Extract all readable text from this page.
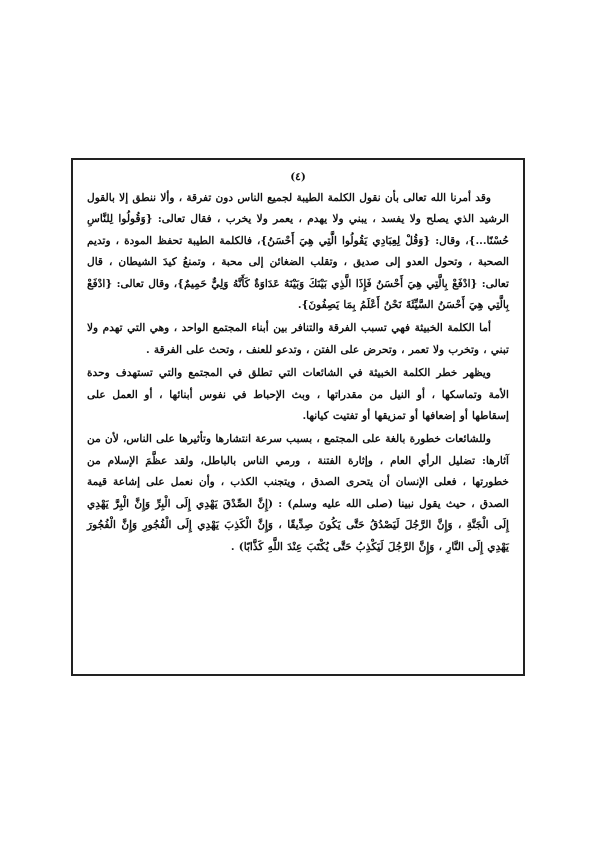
(٤)

وقد أمرنا الله تعالى بأن نقول الكلمة الطيبة لجميع الناس دون تفرقة ، وألا ننطق إلا بالقول الرشيد الذي يصلح ولا يفسد ، يبني ولا يهدم ، يعمر ولا يخرب ، فقال تعالى: {وَقُولُوا لِلنَّاسِ حُسْنًا...}، وقال: {وَقُلْ لِعِبَادِي يَقُولُوا الَّتِي هِيَ أَحْسَنُ}، فالكلمة الطيبة تحفظ المودة ، وتديم الصحبة ، وتحول العدو إلى صديق ، وتقلب الضغائن إلى محبة ، وتمنعُ كيدَ الشيطان ، قال تعالى: {ادْفَعْ بِالَّتِي هِيَ أَحْسَنُ فَإِذَا الَّذِي بَيْنَكَ وَبَيْنَهُ عَدَاوَةٌ كَأَنَّهُ وَلِيٌّ حَمِيمٌ}، وقال تعالى: {ادْفَعْ بِالَّتِي هِيَ أَحْسَنُ السَّيِّئَةَ نَحْنُ أَعْلَمُ بِمَا يَصِفُونَ}.

أما الكلمة الخبيثة فهي تسبب الفرقة والتنافر بين أبناء المجتمع الواحد ، وهي التي تهدم ولا تبني ، وتخرب ولا تعمر ، وتحرض على الفتن ، وتدعو للعنف ، وتحث على الفرقة .

ويظهر خطر الكلمة الخبيثة في الشائعات التي تطلق في المجتمع والتي تستهدف وحدة الأمة وتماسكها ، أو النيل من مقدراتها ، وبث الإحباط في نفوس أبنائها ، أو العمل على إسقاطها أو إضعافها أو تمزيقها أو تفتيت كيانها.

وللشائعات خطورة بالغة على المجتمع ، بسبب سرعة انتشارها وتأثيرها على الناس، لأن من آثارها: تضليل الرأي العام ، وإثارة الفتنة ، ورمي الناس بالباطل، ولقد عظَّمَ الإسلام من خطورتها ، فعلى الإنسان أن يتحرى الصدق ، ويتجنب الكذب ، وأن نعمل على إشاعة قيمة الصدق ، حيث يقول نبينا (صلى الله عليه وسلم) : (إِنَّ الصِّدْقَ يَهْدِي إِلَى الْبِرِّ وَإِنَّ الْبِرَّ يَهْدِي إِلَى الْجَنَّةِ ، وَإِنَّ الرَّجُلَ لَيَصْدُقُ حَتَّى يَكُونَ صِدِّيقًا ، وَإِنَّ الْكَذِبَ يَهْدِي إِلَى الْفُجُورِ وَإِنَّ الْفُجُورَ يَهْدِي إِلَى النَّارِ ، وَإِنَّ الرَّجُلَ لَيَكْذِبُ حَتَّى يُكْتَبَ عِنْدَ اللَّهِ كَذَّابًا) .
